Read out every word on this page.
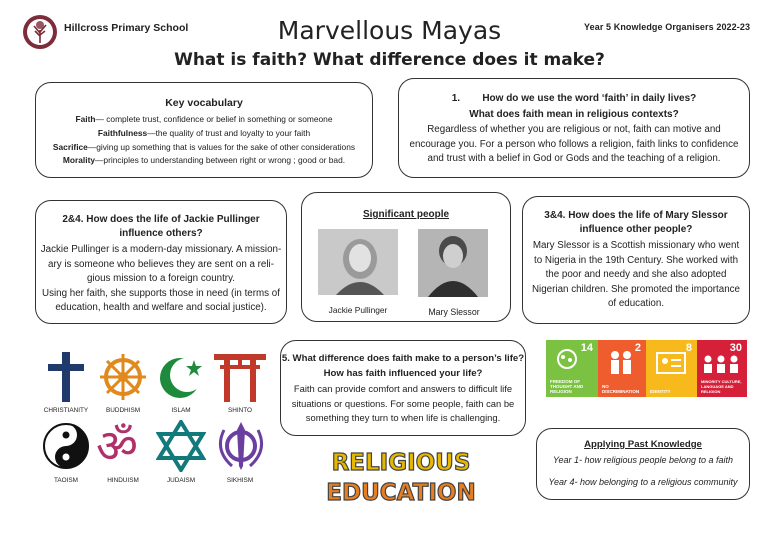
Hillcross Primary School	Year 5 Knowledge Organisers 2022-23
Marvellous Mayas
What is faith? What difference does it make?
Key vocabulary
Faith— complete trust, confidence or belief in something or someone
Faithfulness—the quality of trust and loyalty to your faith
Sacrifice—giving up something that is values for the sake of other considerations
Morality—principles to understanding between right or wrong ; good or bad.
1.        How do we use the word ‘faith’ in daily lives?
What does faith mean in religious contexts?
Regardless of whether you are religious or not, faith can motive and encourage you. For a person who follows a religion, faith links to confidence and trust with a belief in God or Gods and the teaching of a religion.
2&4. How does the life of Jackie Pullinger influence others?
Jackie Pullinger is a modern-day missionary. A mission-ary is someone who believes they are sent on a reli-gious mission to a foreign country.
Using her faith, she supports those in need (in terms of education, health and welfare and social justice).
Significant people
Jackie Pullinger	Mary Slessor
3&4. How does the life of Mary Slessor influence other people?
Mary Slessor is a Scottish missionary who went to Nigeria in the 19th Century. She worked with the poor and needy and she also adopted Nigerian children. She promoted the importance of education.
CHRISTIANITY	BUDDHISM	ISLAM	SHINTO
TAOISM
ॐ
HINDUISM	JUDAISM	SIKHISM
5. What difference does faith make to a person’s life?
How has faith influenced your life?
Faith can provide comfort and answers to difficult life situations or questions. For some people, faith can be something they turn to when life is challenging.
RELIGIOUS
EDUCATION
14
FREEDOM OF THOUGHT AND RELIGION
2
NO DISCRIMINATION
8
IDENTITY
30
MINORITY CULTURE, LANGUAGE AND RELIGION
Applying Past Knowledge
Year 1- how religious people belong to a faith
Year 4- how belonging to a religious community
